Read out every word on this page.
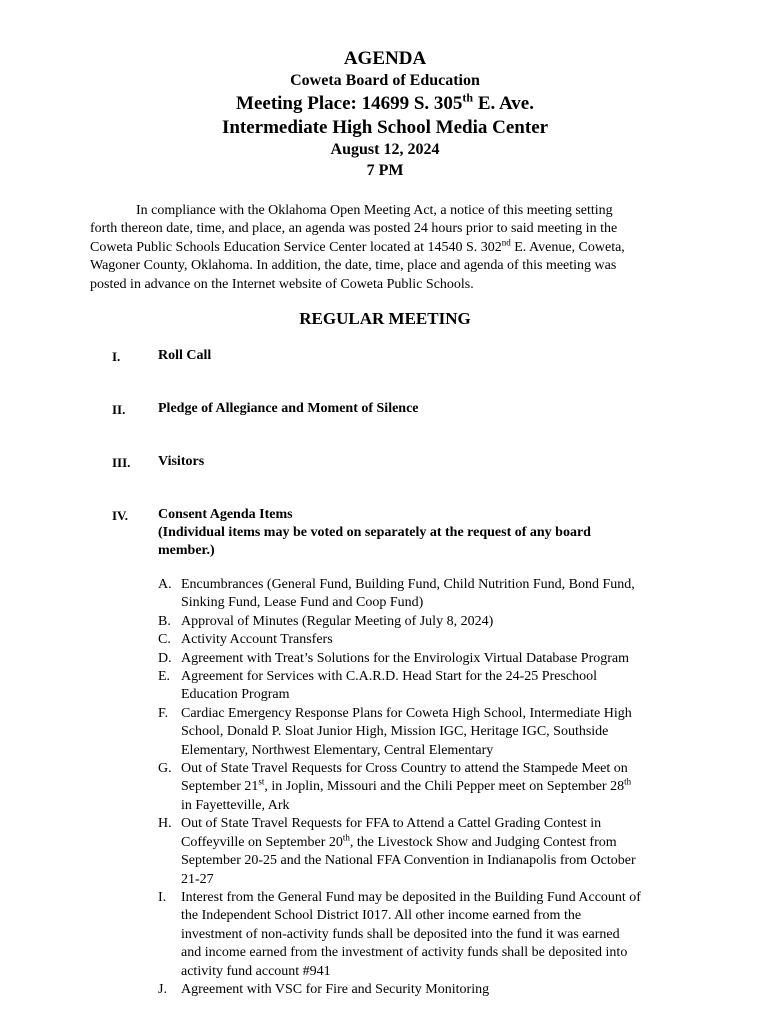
AGENDA
Coweta Board of Education
Meeting Place: 14699 S. 305th E. Ave.
Intermediate High School Media Center
August 12, 2024
7 PM
In compliance with the Oklahoma Open Meeting Act, a notice of this meeting setting
forth thereon date, time, and place, an agenda was posted 24 hours prior to said meeting in the
Coweta Public Schools Education Service Center located at 14540 S. 302nd E. Avenue, Coweta,
Wagoner County, Oklahoma. In addition, the date, time, place and agenda of this meeting was
posted in advance on the Internet website of Coweta Public Schools.
REGULAR MEETING
I.	Roll Call
II. Pledge of Allegiance and Moment of Silence
III. Visitors
IV. Consent Agenda Items
(Individual items may be voted on separately at the request of any board
member.)
A. Encumbrances (General Fund, Building Fund, Child Nutrition Fund, Bond Fund,
Sinking Fund, Lease Fund and Coop Fund)
B. Approval of Minutes (Regular Meeting of July 8, 2024)
C. Activity Account Transfers
D. Agreement with Treat’s Solutions for the Envirologix Virtual Database Program
E. Agreement for Services with C.A.R.D. Head Start for the 24-25 Preschool
Education Program
F. Cardiac Emergency Response Plans for Coweta High School, Intermediate High
School, Donald P. Sloat Junior High, Mission IGC, Heritage IGC, Southside
Elementary, Northwest Elementary, Central Elementary
G. Out of State Travel Requests for Cross Country to attend the Stampede Meet on
September 21st, in Joplin, Missouri and the Chili Pepper meet on September 28th
in Fayetteville, Ark
H. Out of State Travel Requests for FFA to Attend a Cattel Grading Contest in
Coffeyville on September 20th, the Livestock Show and Judging Contest from
September 20-25 and the National FFA Convention in Indianapolis from October
21-27
I. Interest from the General Fund may be deposited in the Building Fund Account of
the Independent School District I017. All other income earned from the
investment of non-activity funds shall be deposited into the fund it was earned
and income earned from the investment of activity funds shall be deposited into
activity fund account #941
J. Agreement with VSC for Fire and Security Monitoring
